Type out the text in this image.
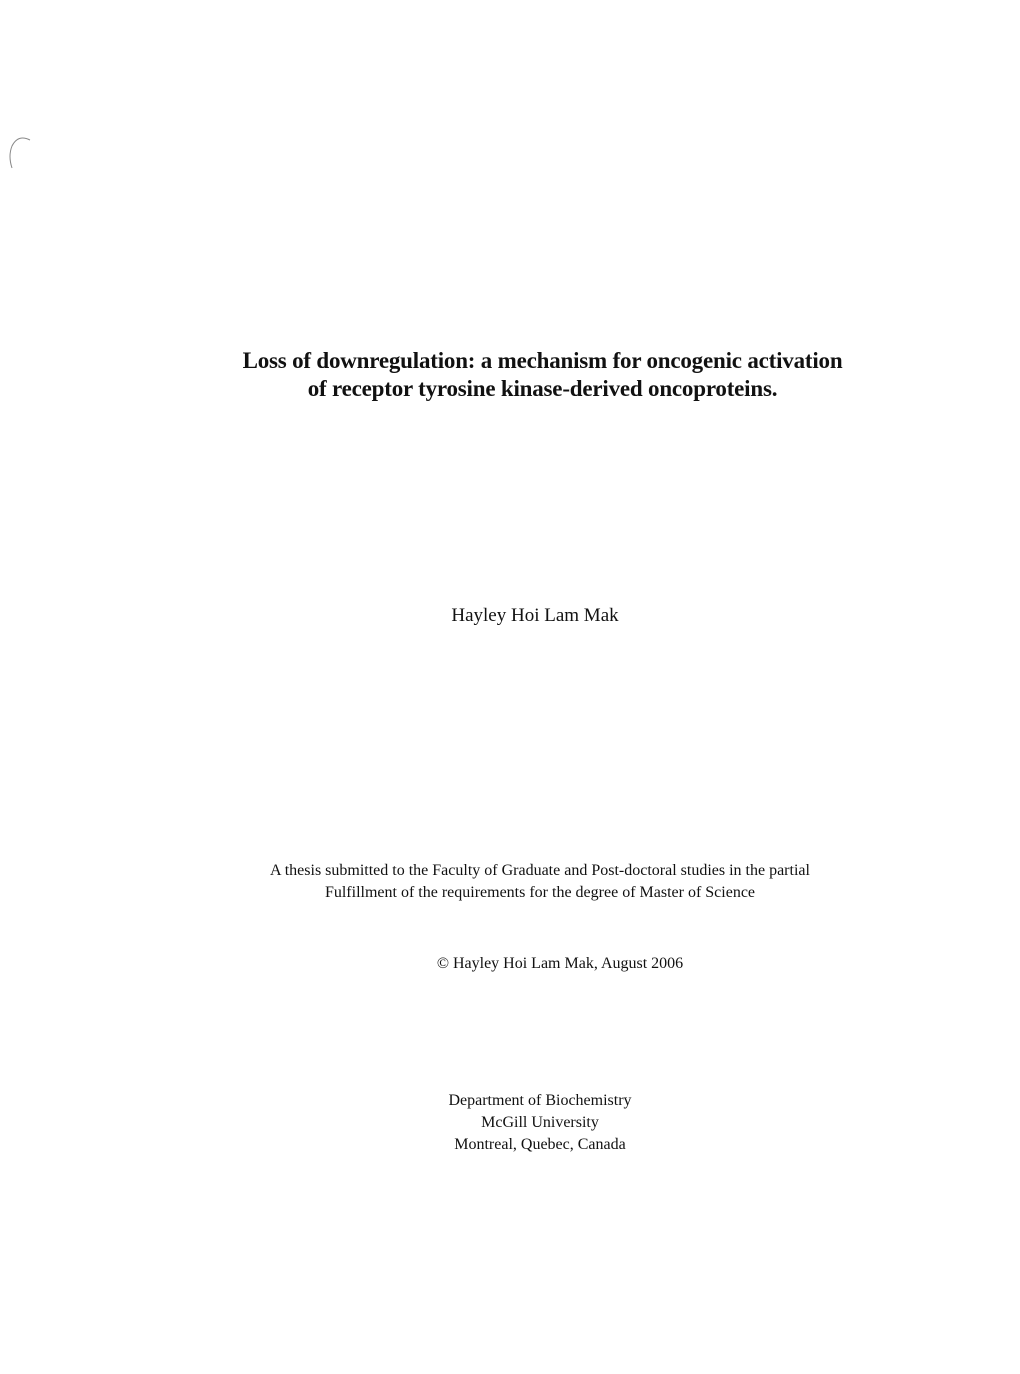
Loss of downregulation: a mechanism for oncogenic activation
of receptor tyrosine kinase-derived oncoproteins.
Hayley Hoi Lam Mak
A thesis submitted to the Faculty of Graduate and Post-doctoral studies in the partial
Fulfillment of the requirements for the degree of Master of Science
© Hayley Hoi Lam Mak, August 2006
Department of Biochemistry
McGill University
Montreal, Quebec, Canada
